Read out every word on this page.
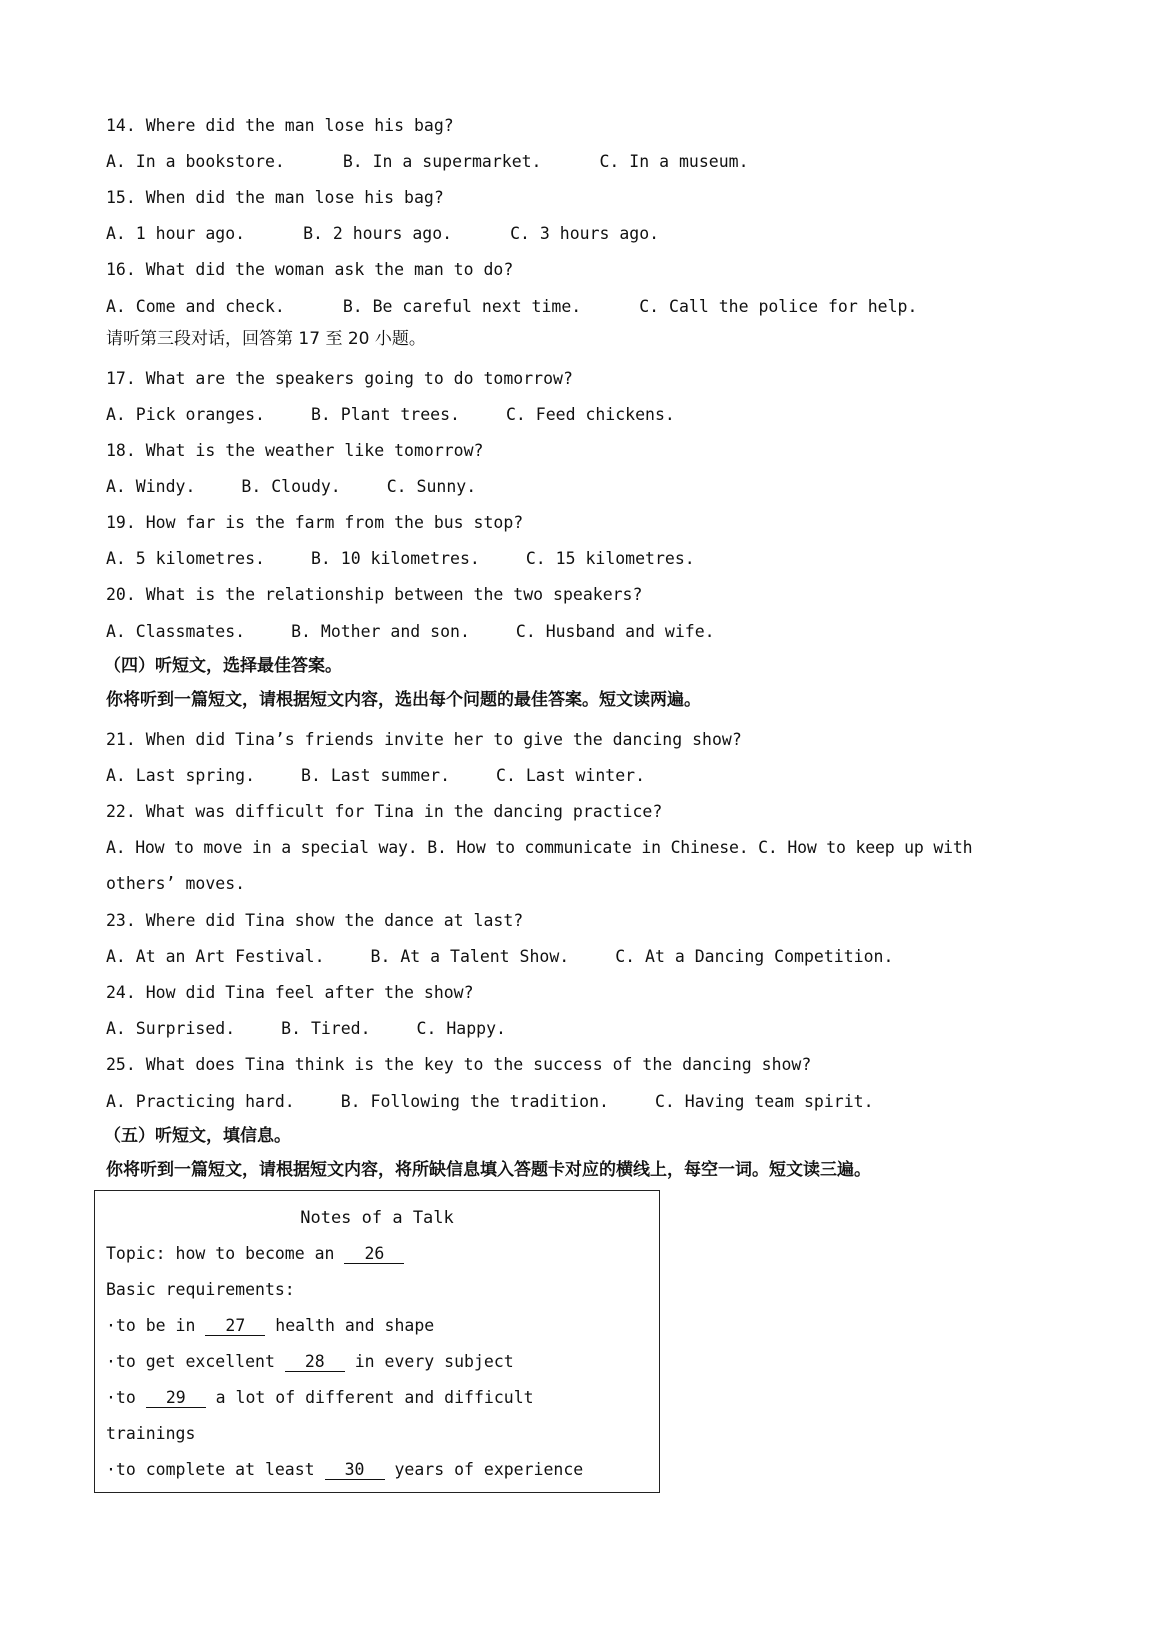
14. Where did the man lose his bag?
A. In a bookstore.	B. In a supermarket.	C. In a museum.
15. When did the man lose his bag?
A. 1 hour ago.	B. 2 hours ago.	C. 3 hours ago.
16. What did the woman ask the man to do?
A. Come and check.	B. Be careful next time.	C. Call the police for help.
请听第三段对话，回答第 17 至 20 小题。
17. What are the speakers going to do tomorrow?
A. Pick oranges.	B. Plant trees.	C. Feed chickens.
18. What is the weather like tomorrow?
A. Windy.	B. Cloudy.	C. Sunny.
19. How far is the farm from the bus stop?
A. 5 kilometres.	B. 10 kilometres.	C. 15 kilometres.
20. What is the relationship between the two speakers?
A. Classmates.	B. Mother and son.	C. Husband and wife.
（四）听短文，选择最佳答案。
你将听到一篇短文，请根据短文内容，选出每个问题的最佳答案。短文读两遍。
21. When did Tina’s friends invite her to give the dancing show?
A. Last spring.	B. Last summer.	C. Last winter.
22. What was difficult for Tina in the dancing practice?
A. How to move in a special way. B. How to communicate in Chinese. C. How to keep up with
others’ moves.
23. Where did Tina show the dance at last?
A. At an Art Festival.	B. At a Talent Show.	C. At a Dancing Competition.
24. How did Tina feel after the show?
A. Surprised.	B. Tired.	C. Happy.
25. What does Tina think is the key to the success of the dancing show?
A. Practicing hard.	B. Following the tradition.	C. Having team spirit.
（五）听短文，填信息。
你将听到一篇短文，请根据短文内容，将所缺信息填入答题卡对应的横线上，每空一词。短文读三遍。
Notes of a Talk
Topic: how to become an 26
Basic requirements:
·to be in 27 health and shape
·to get excellent 28 in every subject
·to 29 a lot of different and difficult
trainings
·to complete at least 30 years of experience
